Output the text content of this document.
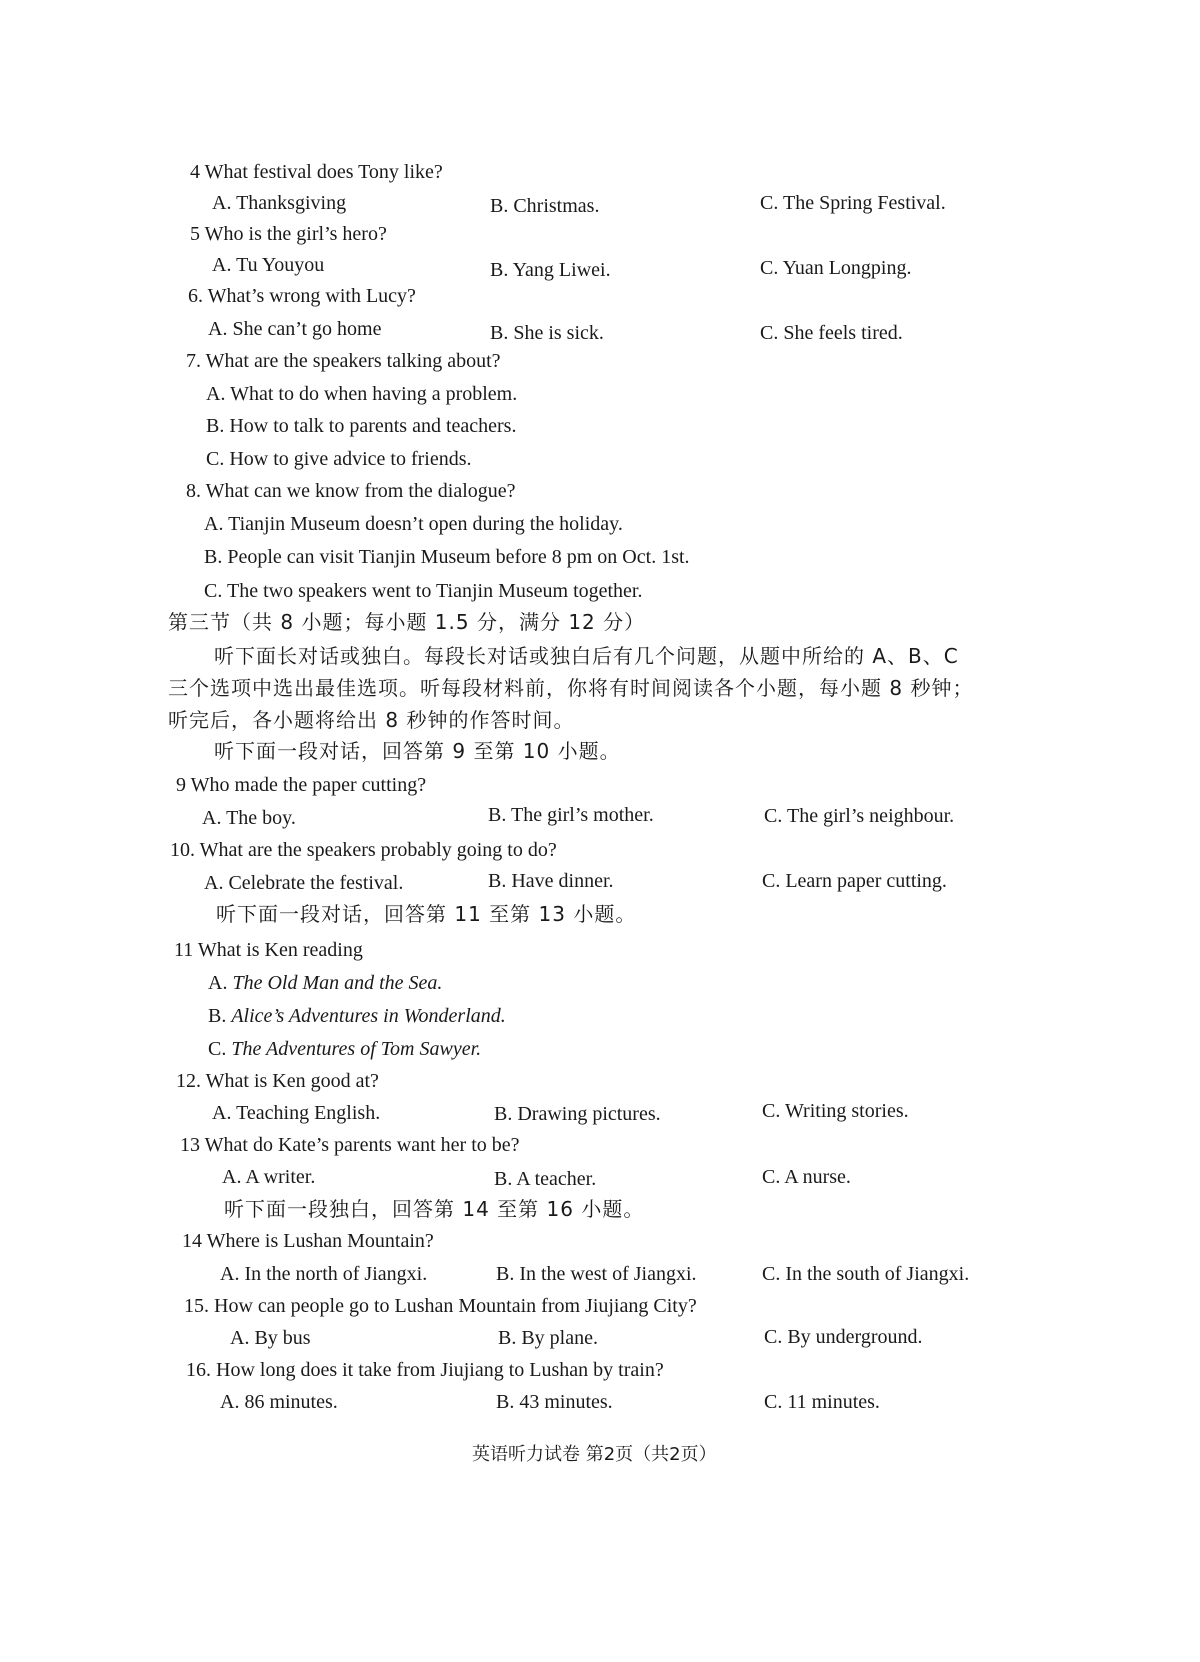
4 What festival does Tony like?
A. Thanksgiving	B. Christmas.	C. The Spring Festival.
5 Who is the girl’s hero?
A. Tu Youyou	B. Yang Liwei.	C. Yuan Longping.
6. What’s wrong with Lucy?
A. She can’t go home	B. She is sick.	C. She feels tired.
7. What are the speakers talking about?
A. What to do when having a problem.
B. How to talk to parents and teachers.
C. How to give advice to friends.
8. What can we know from the dialogue?
A. Tianjin Museum doesn’t open during the holiday.
B. People can visit Tianjin Museum before 8 pm on Oct. 1st.
C. The two speakers went to Tianjin Museum together.
第三节（共 8 小题；每小题 1.5 分，满分 12 分）
听下面长对话或独白。每段长对话或独白后有几个问题，从题中所给的 A、B、C
三个选项中选出最佳选项。听每段材料前，你将有时间阅读各个小题，每小题 8 秒钟；
听完后，各小题将给出 8 秒钟的作答时间。
听下面一段对话，回答第 9 至第 10 小题。
9 Who made the paper cutting?
A. The boy.	B. The girl’s mother.	C. The girl’s neighbour.
10. What are the speakers probably going to do?
A. Celebrate the festival.	B. Have dinner.	C. Learn paper cutting.
听下面一段对话，回答第 11 至第 13 小题。
11 What is Ken reading
A. The Old Man and the Sea.
B. Alice’s Adventures in Wonderland.
C. The Adventures of Tom Sawyer.
12. What is Ken good at?
A. Teaching English.	B. Drawing pictures.	C. Writing stories.
13 What do Kate’s parents want her to be?
A. A writer.	B. A teacher.	C. A nurse.
听下面一段独白，回答第 14 至第 16 小题。
14 Where is Lushan Mountain?
A. In the north of Jiangxi.	B. In the west of Jiangxi.	C. In the south of Jiangxi.
15. How can people go to Lushan Mountain from Jiujiang City?
A. By bus	B. By plane.	C. By underground.
16. How long does it take from Jiujiang to Lushan by train?
A. 86 minutes.	B. 43 minutes.	C. 11 minutes.
英语听力试卷 第2页（共2页）
